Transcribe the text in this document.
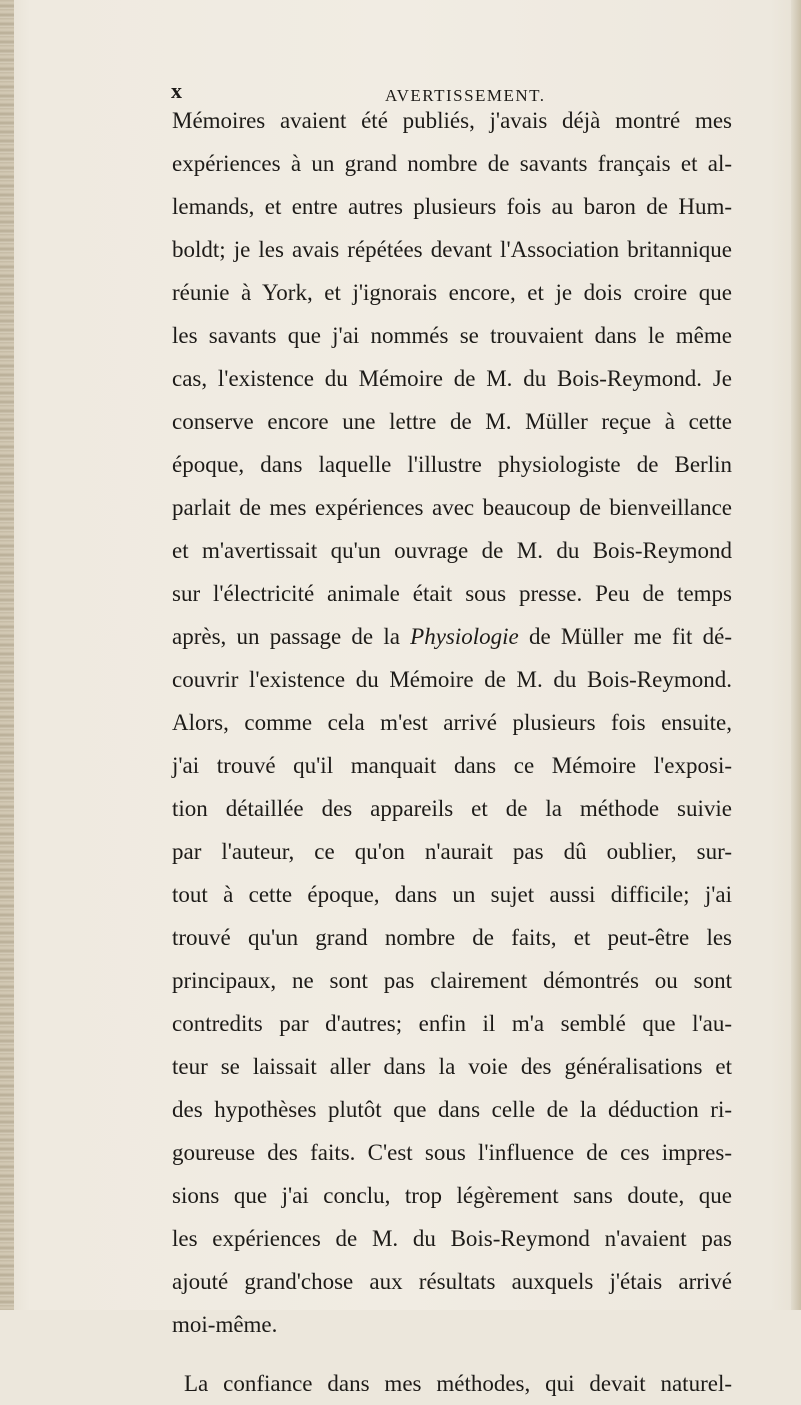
x	AVERTISSEMENT.
Mémoires avaient été publiés, j'avais déjà montré mes
expériences à un grand nombre de savants français et al-
lemands, et entre autres plusieurs fois au baron de Hum-
boldt; je les avais répétées devant l'Association britannique
réunie à York, et j'ignorais encore, et je dois croire que
les savants que j'ai nommés se trouvaient dans le même
cas, l'existence du Mémoire de M. du Bois-Reymond. Je
conserve encore une lettre de M. Müller reçue à cette
époque, dans laquelle l'illustre physiologiste de Berlin
parlait de mes expériences avec beaucoup de bienveillance
et m'avertissait qu'un ouvrage de M. du Bois-Reymond
sur l'électricité animale était sous presse. Peu de temps
après, un passage de la Physiologie de Müller me fit dé-
couvrir l'existence du Mémoire de M. du Bois-Reymond.
Alors, comme cela m'est arrivé plusieurs fois ensuite,
j'ai trouvé qu'il manquait dans ce Mémoire l'exposi-
tion détaillée des appareils et de la méthode suivie
par l'auteur, ce qu'on n'aurait pas dû oublier, sur-
tout à cette époque, dans un sujet aussi difficile; j'ai
trouvé qu'un grand nombre de faits, et peut-être les
principaux, ne sont pas clairement démontrés ou sont
contredits par d'autres; enfin il m'a semblé que l'au-
teur se laissait aller dans la voie des généralisations et
des hypothèses plutôt que dans celle de la déduction ri-
goureuse des faits. C'est sous l'influence de ces impres-
sions que j'ai conclu, trop légèrement sans doute, que
les expériences de M. du Bois-Reymond n'avaient pas
ajouté grand'chose aux résultats auxquels j'étais arrivé
moi-même.
La confiance dans mes méthodes, qui devait naturel-
